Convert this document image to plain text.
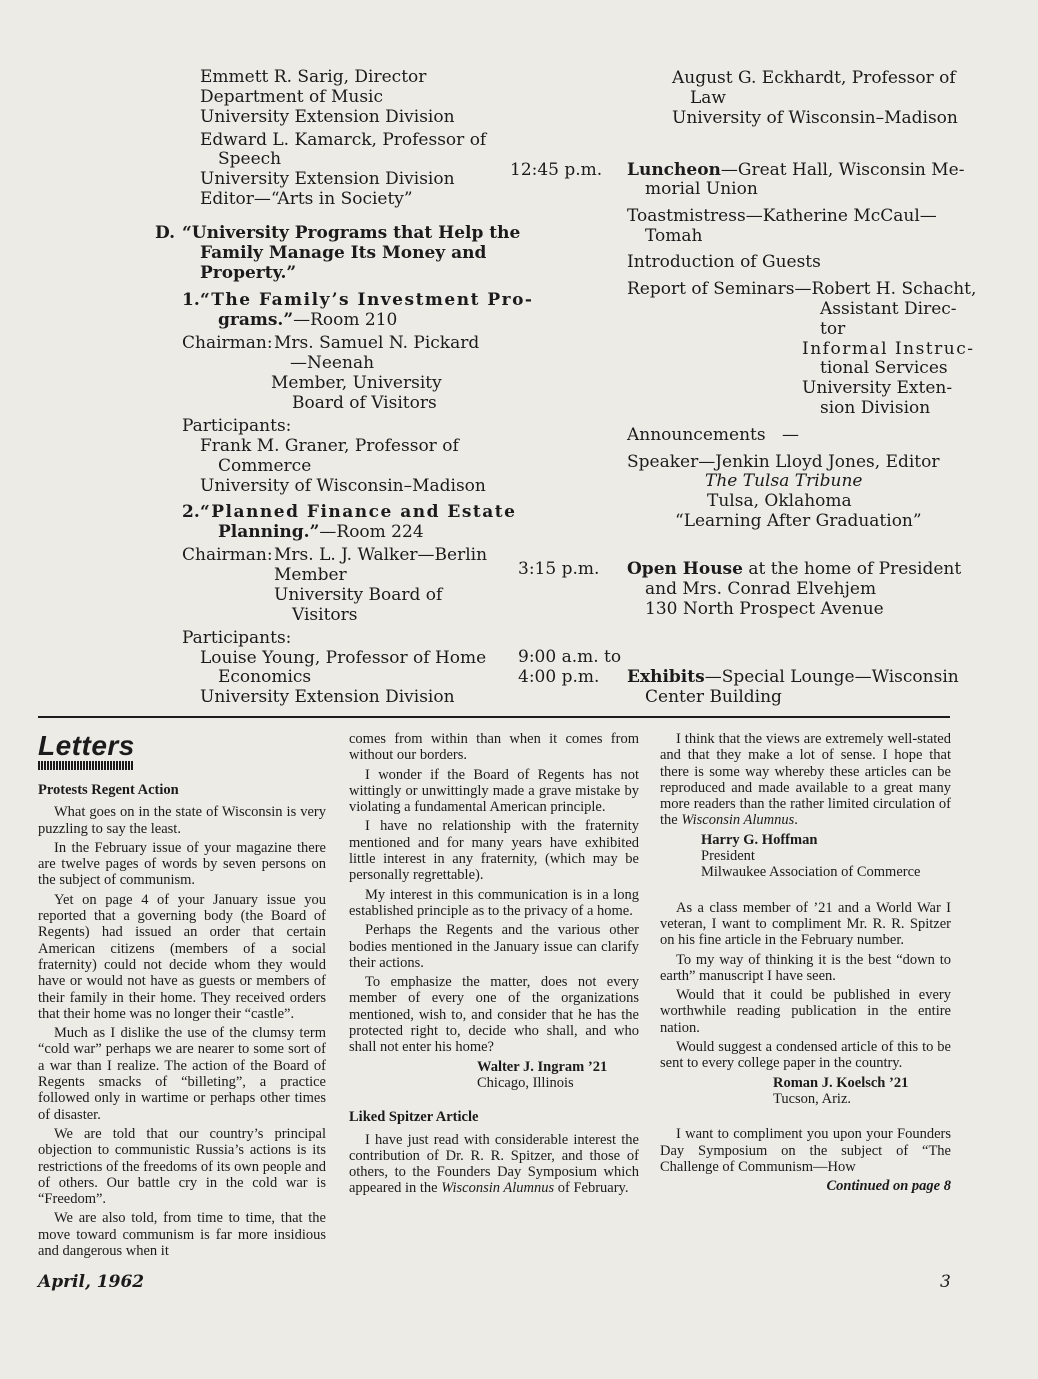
Emmett R. Sarig, Director
Department of Music
University Extension Division
Edward L. Kamarck, Professor of
Speech
University Extension Division
Editor—“Arts in Society”
D. “University Programs that Help the
Family Manage Its Money and
Property.”
1. “The Family’s Investment Pro-
grams.”—Room 210
Chairman: Mrs. Samuel N. Pickard
—Neenah
Member, University
Board of Visitors
Participants:
Frank M. Graner, Professor of
Commerce
University of Wisconsin–Madison
2. “Planned Finance and Estate
Planning.”—Room 224
Chairman: Mrs. L. J. Walker—Berlin
Member
University Board of
Visitors
Participants:
Louise Young, Professor of Home
Economics
University Extension Division
August G. Eckhardt, Professor of
Law
University of Wisconsin–Madison
12:45 p.m. Luncheon—Great Hall, Wisconsin Me-
morial Union
Toastmistress—Katherine McCaul—
Tomah
Introduction of Guests
Report of Seminars—Robert H. Schacht,
Assistant Direc-
tor
Informal Instruc-
tional Services
University Exten-
sion Division
Announcements —
Speaker—Jenkin Lloyd Jones, Editor
The Tulsa Tribune
Tulsa, Oklahoma
“Learning After Graduation”
3:15 p.m. Open House at the home of President
and Mrs. Conrad Elvehjem
130 North Prospect Avenue
9:00 a.m. to
4:00 p.m. Exhibits—Special Lounge—Wisconsin
Center Building
Letters
Protests Regent Action

What goes on in the state of Wisconsin is very puzzling to say the least.

In the February issue of your magazine there are twelve pages of words by seven persons on the subject of communism.

Yet on page 4 of your January issue you reported that a governing body (the Board of Regents) had issued an order that certain American citizens (members of a social fraternity) could not decide whom they would have or would not have as guests or members of their family in their home. They received orders that their home was no longer their “castle”.

Much as I dislike the use of the clumsy term “cold war” perhaps we are nearer to some sort of a war than I realize. The action of the Board of Regents smacks of “billeting”, a practice followed only in wartime or perhaps other times of disaster.

We are told that our country’s principal objection to communistic Russia’s actions is its restrictions of the freedoms of its own people and of others. Our battle cry in the cold war is “Freedom”.

We are also told, from time to time, that the move toward communism is far more insidious and dangerous when it

comes from within than when it comes from without our borders.

I wonder if the Board of Regents has not wittingly or unwittingly made a grave mistake by violating a fundamental American principle.

I have no relationship with the fraternity mentioned and for many years have exhibited little interest in any fraternity, (which may be personally regrettable).

My interest in this communication is in a long established principle as to the privacy of a home.

Perhaps the Regents and the various other bodies mentioned in the January issue can clarify their actions.

To emphasize the matter, does not every member of every one of the organizations mentioned, wish to, and consider that he has the protected right to, decide who shall, and who shall not enter his home?

Walter J. Ingram ’21
Chicago, Illinois
Liked Spitzer Article

I have just read with considerable interest the contribution of Dr. R. R. Spitzer, and those of others, to the Founders Day Symposium which appeared in the Wisconsin Alumnus of February.

I think that the views are extremely well-stated and that they make a lot of sense. I hope that there is some way whereby these articles can be reproduced and made available to a great many more readers than the rather limited circulation of the Wisconsin Alumnus.

Harry G. Hoffman
President
Milwaukee Association of Commerce

As a class member of ’21 and a World War I veteran, I want to compliment Mr. R. R. Spitzer on his fine article in the February number.

To my way of thinking it is the best “down to earth” manuscript I have seen.

Would that it could be published in every worthwhile reading publication in the entire nation.

Would suggest a condensed article of this to be sent to every college paper in the country.

Roman J. Koelsch ’21
Tucson, Ariz.

I want to compliment you upon your Founders Day Symposium on the subject of “The Challenge of Communism—How

Continued on page 8
April, 1962	3
